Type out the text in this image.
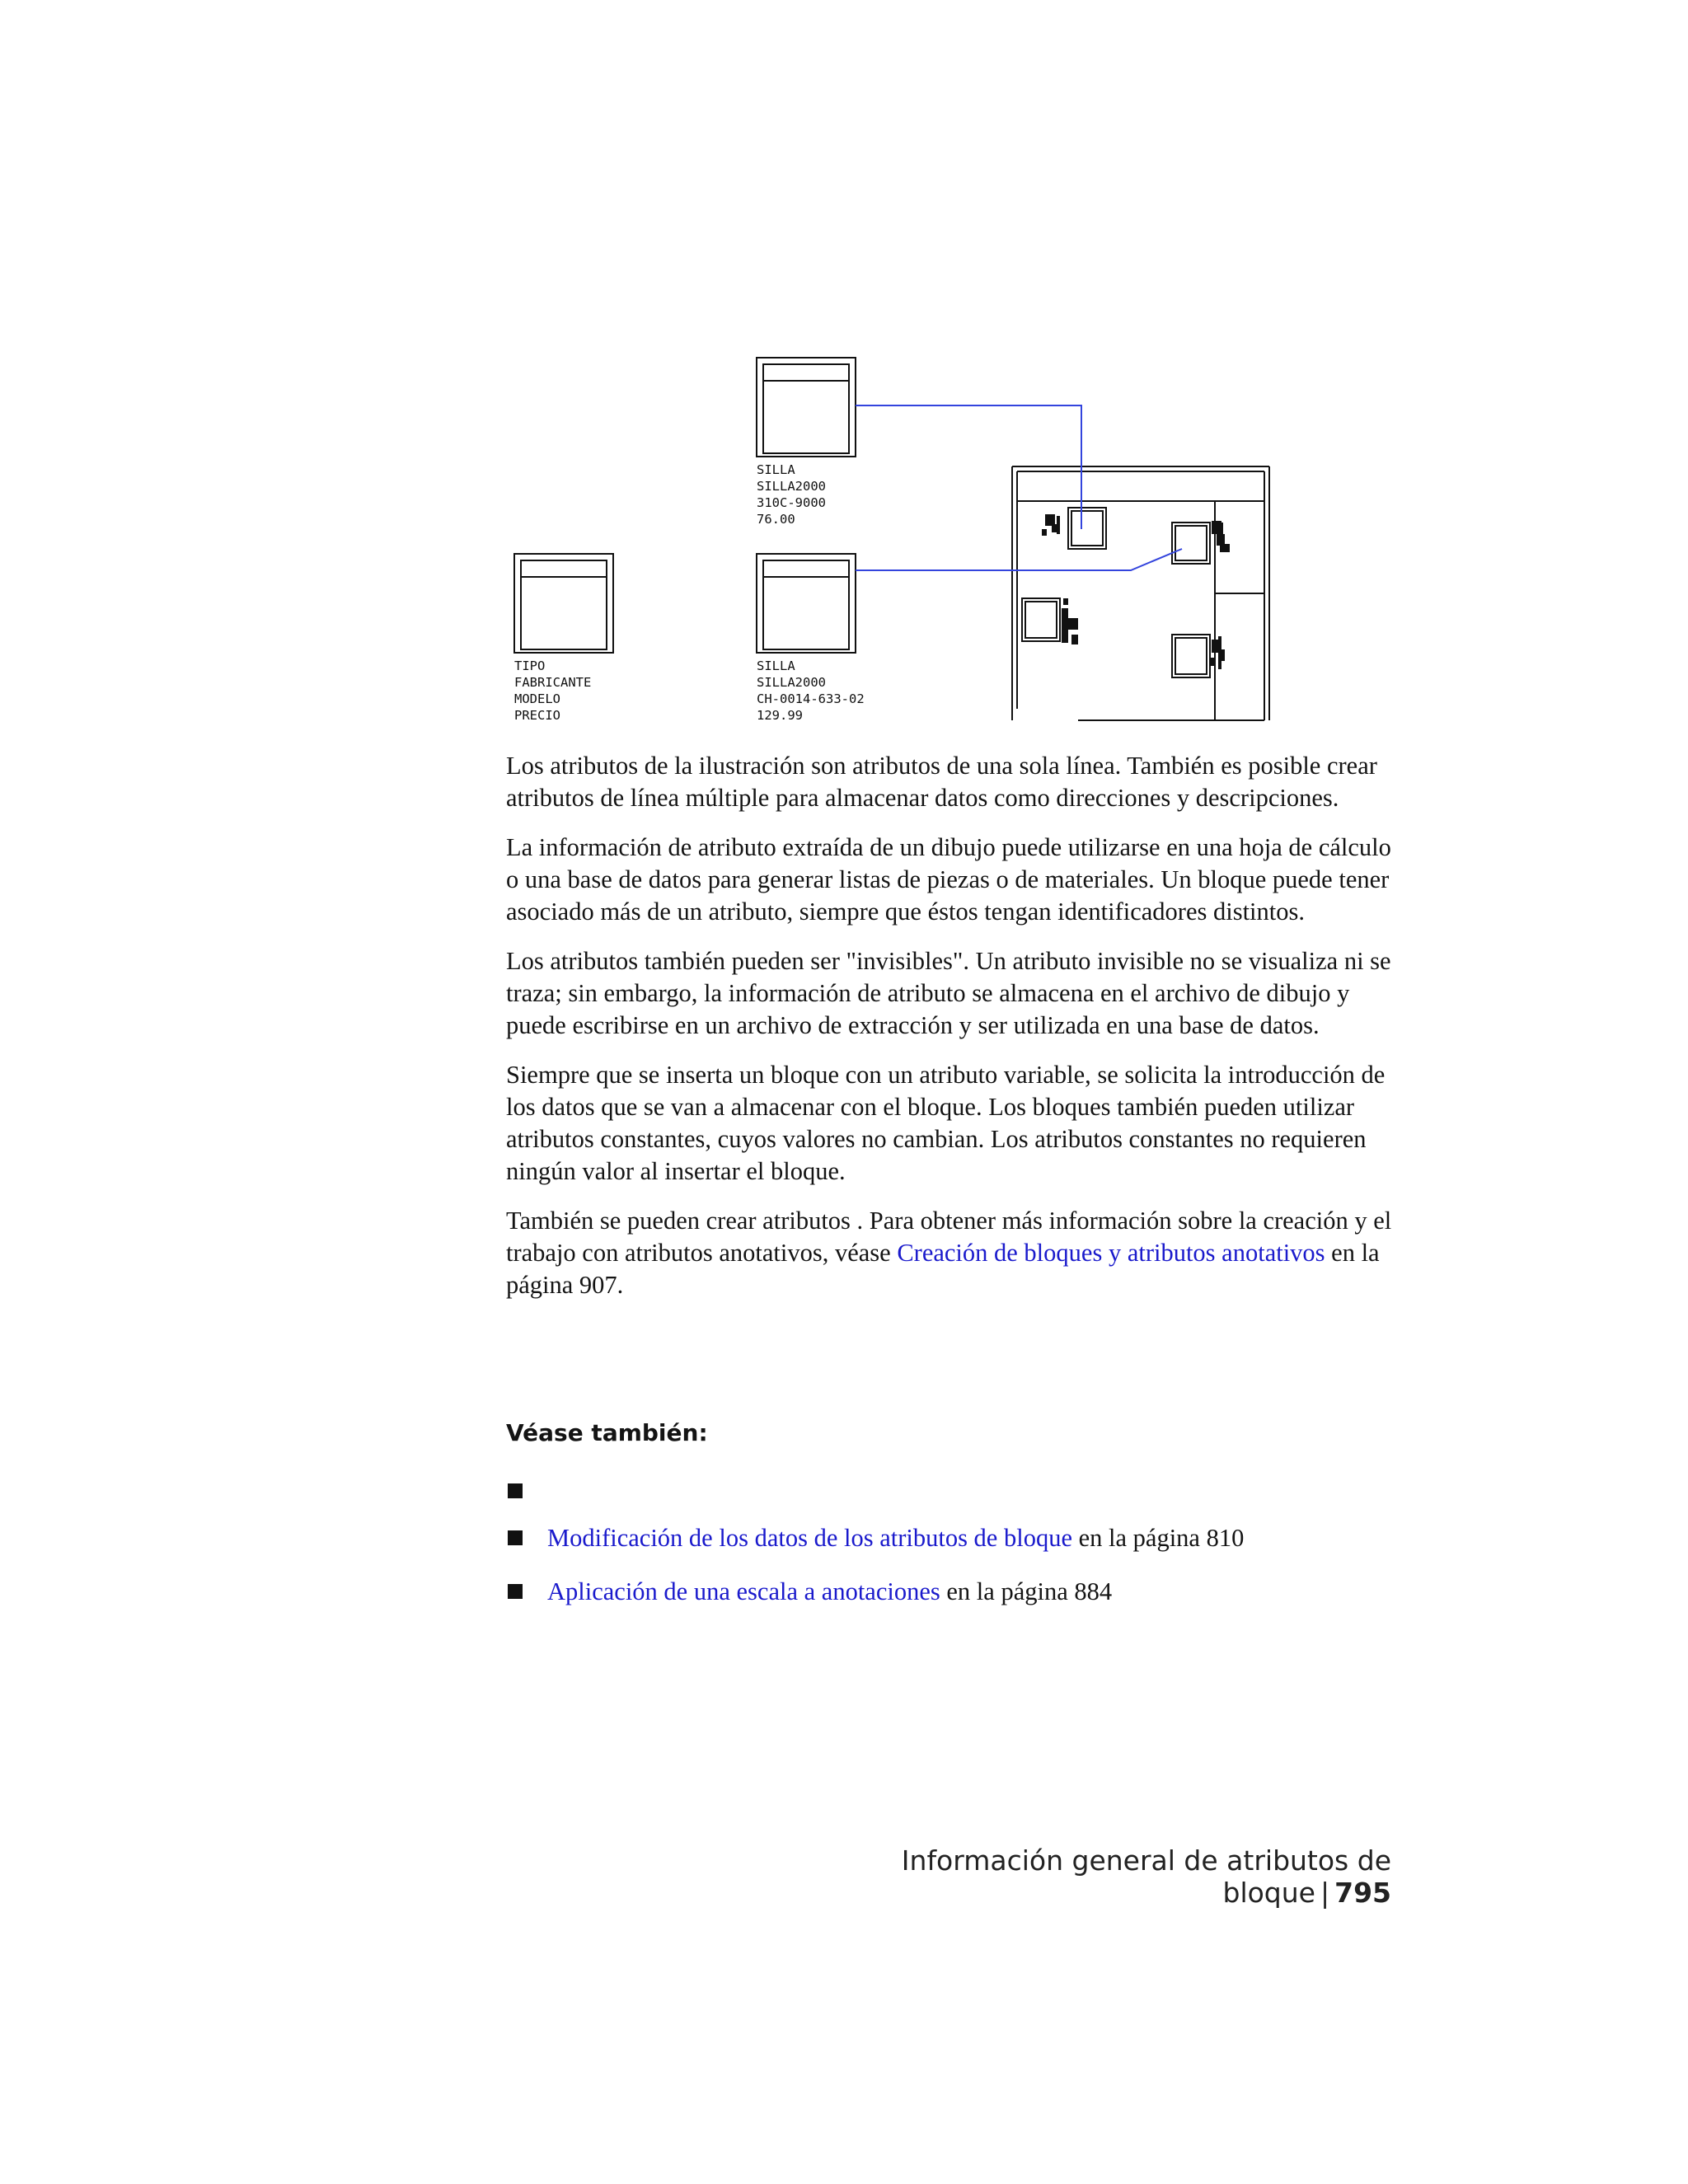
SILLA
SILLA2000
310C-9000
76.00
TIPO
FABRICANTE
MODELO
PRECIO
SILLA
SILLA2000
CH-0014-633-02
129.99

Los atributos de la ilustración son atributos de una sola línea. También es posible crear atributos de línea múltiple para almacenar datos como direcciones y descripciones.

La información de atributo extraída de un dibujo puede utilizarse en una hoja de cálculo o una base de datos para generar listas de piezas o de materiales. Un bloque puede tener asociado más de un atributo, siempre que éstos tengan identificadores distintos.

Los atributos también pueden ser "invisibles". Un atributo invisible no se visualiza ni se traza; sin embargo, la información de atributo se almacena en el archivo de dibujo y puede escribirse en un archivo de extracción y ser utilizada en una base de datos.

Siempre que se inserta un bloque con un atributo variable, se solicita la introducción de los datos que se van a almacenar con el bloque. Los bloques también pueden utilizar atributos constantes, cuyos valores no cambian. Los atributos constantes no requieren ningún valor al insertar el bloque.

También se pueden crear atributos . Para obtener más información sobre la creación y el trabajo con atributos anotativos, véase Creación de bloques y atributos anotativos en la página 907.

Véase también:
Modificación de los datos de los atributos de bloque en la página 810
Aplicación de una escala a anotaciones en la página 884
Información general de atributos de bloque | 795
